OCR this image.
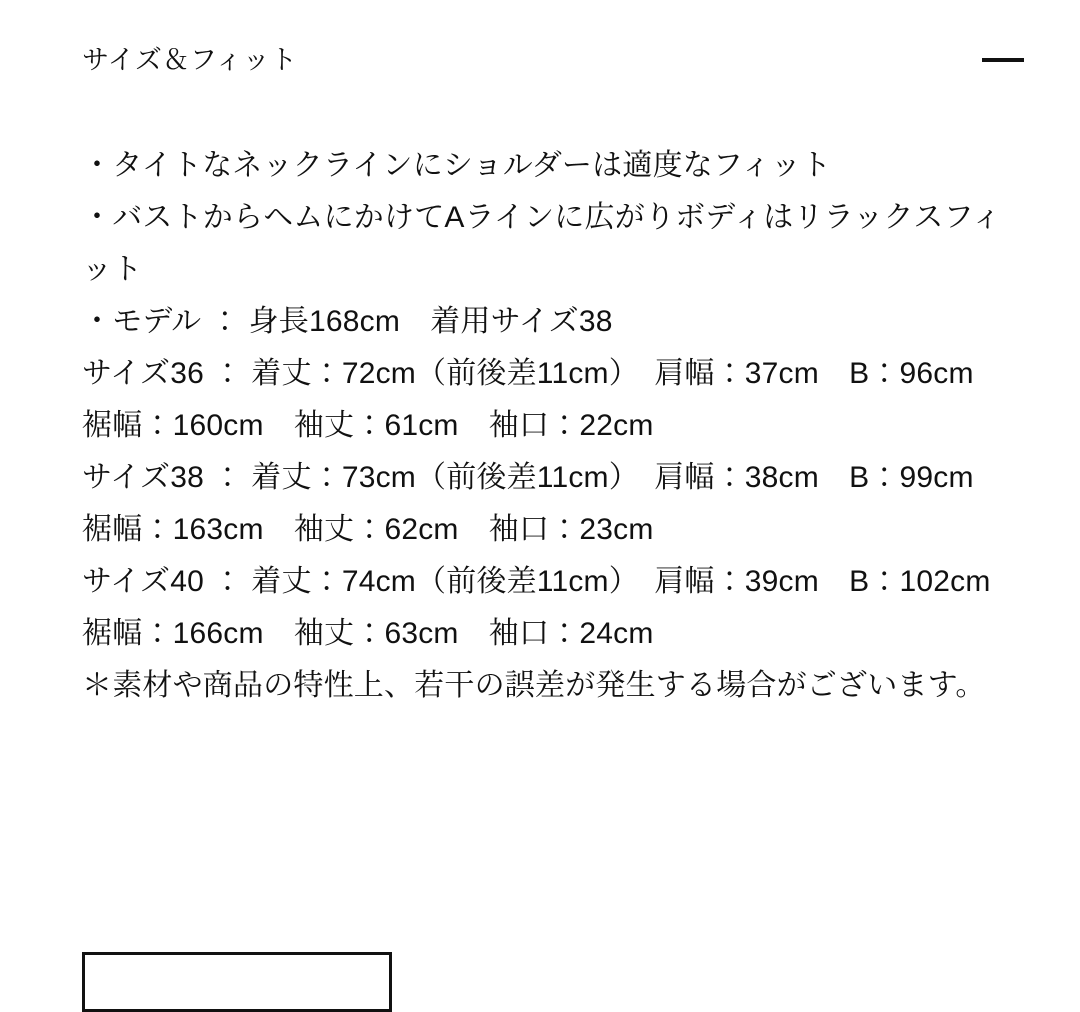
サイズ＆フィット
・タイトなネックラインにショルダーは適度なフィット
・バストからヘムにかけてAラインに広がりボディはリラックスフィット
・モデル ： 身長168cm　着用サイズ38
サイズ36 ： 着丈：72cm（前後差11cm）　肩幅：37cm　B：96cm　裾幅：160cm　袖丈：61cm　袖口：22cm
サイズ38 ： 着丈：73cm（前後差11cm）　肩幅：38cm　B：99cm　裾幅：163cm　袖丈：62cm　袖口：23cm
サイズ40 ： 着丈：74cm（前後差11cm）　肩幅：39cm　B：102cm　裾幅：166cm　袖丈：63cm　袖口：24cm
＊素材や商品の特性上、若干の誤差が発生する場合がございます。
